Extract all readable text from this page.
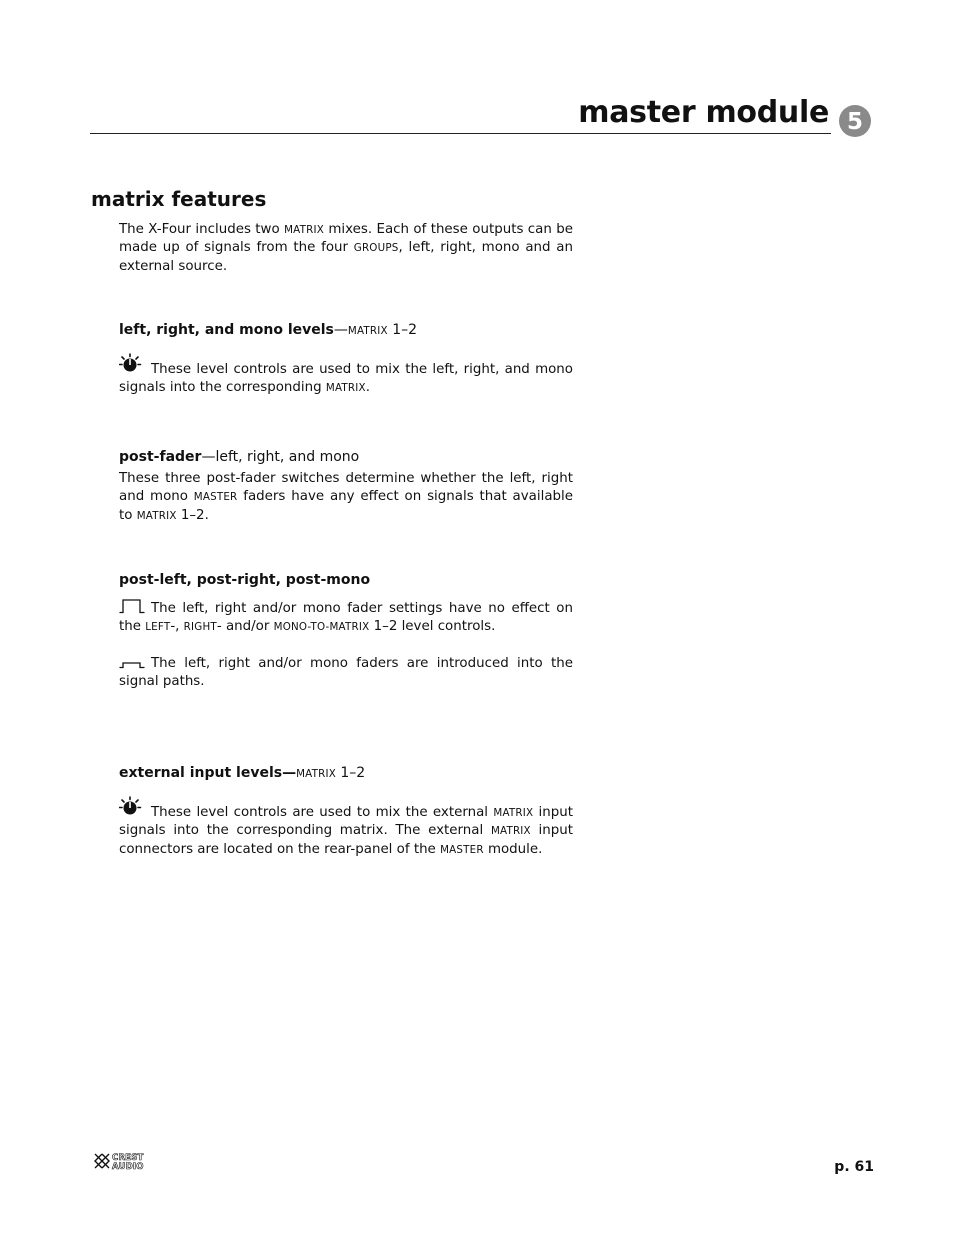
master module 5
matrix features

The X-Four includes two MATRIX mixes. Each of these outputs can be made up of signals from the four GROUPS, left, right, mono and an external source.

left, right, and mono levels—MATRIX 1–2

These level controls are used to mix the left, right, and mono signals into the corresponding MATRIX.

post-fader—left, right, and mono

These three post-fader switches determine whether the left, right and mono MASTER faders have any effect on signals that available to MATRIX 1–2.

post-left, post-right, post-mono

The left, right and/or mono fader settings have no effect on the LEFT-, RIGHT- and/or MONO-TO-MATRIX 1–2 level controls.

The left, right and/or mono faders are introduced into the signal paths.

external input levels—MATRIX 1–2

These level controls are used to mix the external MATRIX input signals into the corresponding matrix. The external MATRIX input connectors are located on the rear-panel of the MASTER module.

CREST
AUDIO	p. 61
